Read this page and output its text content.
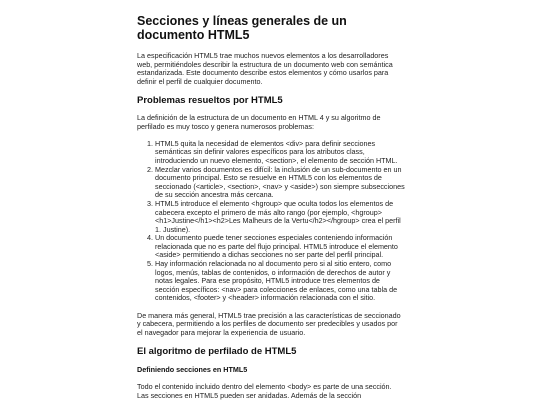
Secciones y líneas generales de un documento HTML5

La especificación HTML5 trae muchos nuevos elementos a los desarrolladores web, permitiéndoles describir la estructura de un documento web con semántica estandarizada. Este documento describe estos elementos y cómo usarlos para definir el perfil de cualquier documento.

Problemas resueltos por HTML5

La definición de la estructura de un documento en HTML 4 y su algoritmo de perfilado es muy tosco y genera numerosos problemas:

1. HTML5 quita la necesidad de elementos <div> para definir secciones semánticas sin definir valores específicos para los atributos class, introduciendo un nuevo elemento, <section>, el elemento de sección HTML.
2. Mezclar varios documentos es difícil: la inclusión de un sub-documento en un documento principal. Esto se resuelve en HTML5 con los elementos de seccionado (<article>, <section>, <nav> y <aside>) son siempre subsecciones de su sección ancestra más cercana.
3. HTML5 introduce el elemento <hgroup> que oculta todos los elementos de cabecera excepto el primero de más alto rango (por ejemplo, <hgroup><h1>Justine</h1><h2>Les Malheurs de la Vertu</h2></hgroup> crea el perfil 1. Justine).
4. Un documento puede tener secciones especiales conteniendo información relacionada que no es parte del flujo principal. HTML5 introduce el elemento <aside> permitiendo a dichas secciones no ser parte del perfil principal.
5. Hay información relacionada no al documento pero si al sitio entero, como logos, menús, tablas de contenidos, o información de derechos de autor y notas legales. Para ese propósito, HTML5 introduce tres elementos de sección específicos: <nav> para colecciones de enlaces, como una tabla de contenidos, <footer> y <header> información relacionada con el sitio.

De manera más general, HTML5 trae precisión a las características de seccionado y cabecera, permitiendo a los perfiles de documento ser predecibles y usados por el navegador para mejorar la experiencia de usuario.

El algoritmo de perfilado de HTML5
Definiendo secciones en HTML5

Todo el contenido incluido dentro del elemento <body> es parte de una sección. Las secciones en HTML5 pueden ser anidadas. Además de la sección
